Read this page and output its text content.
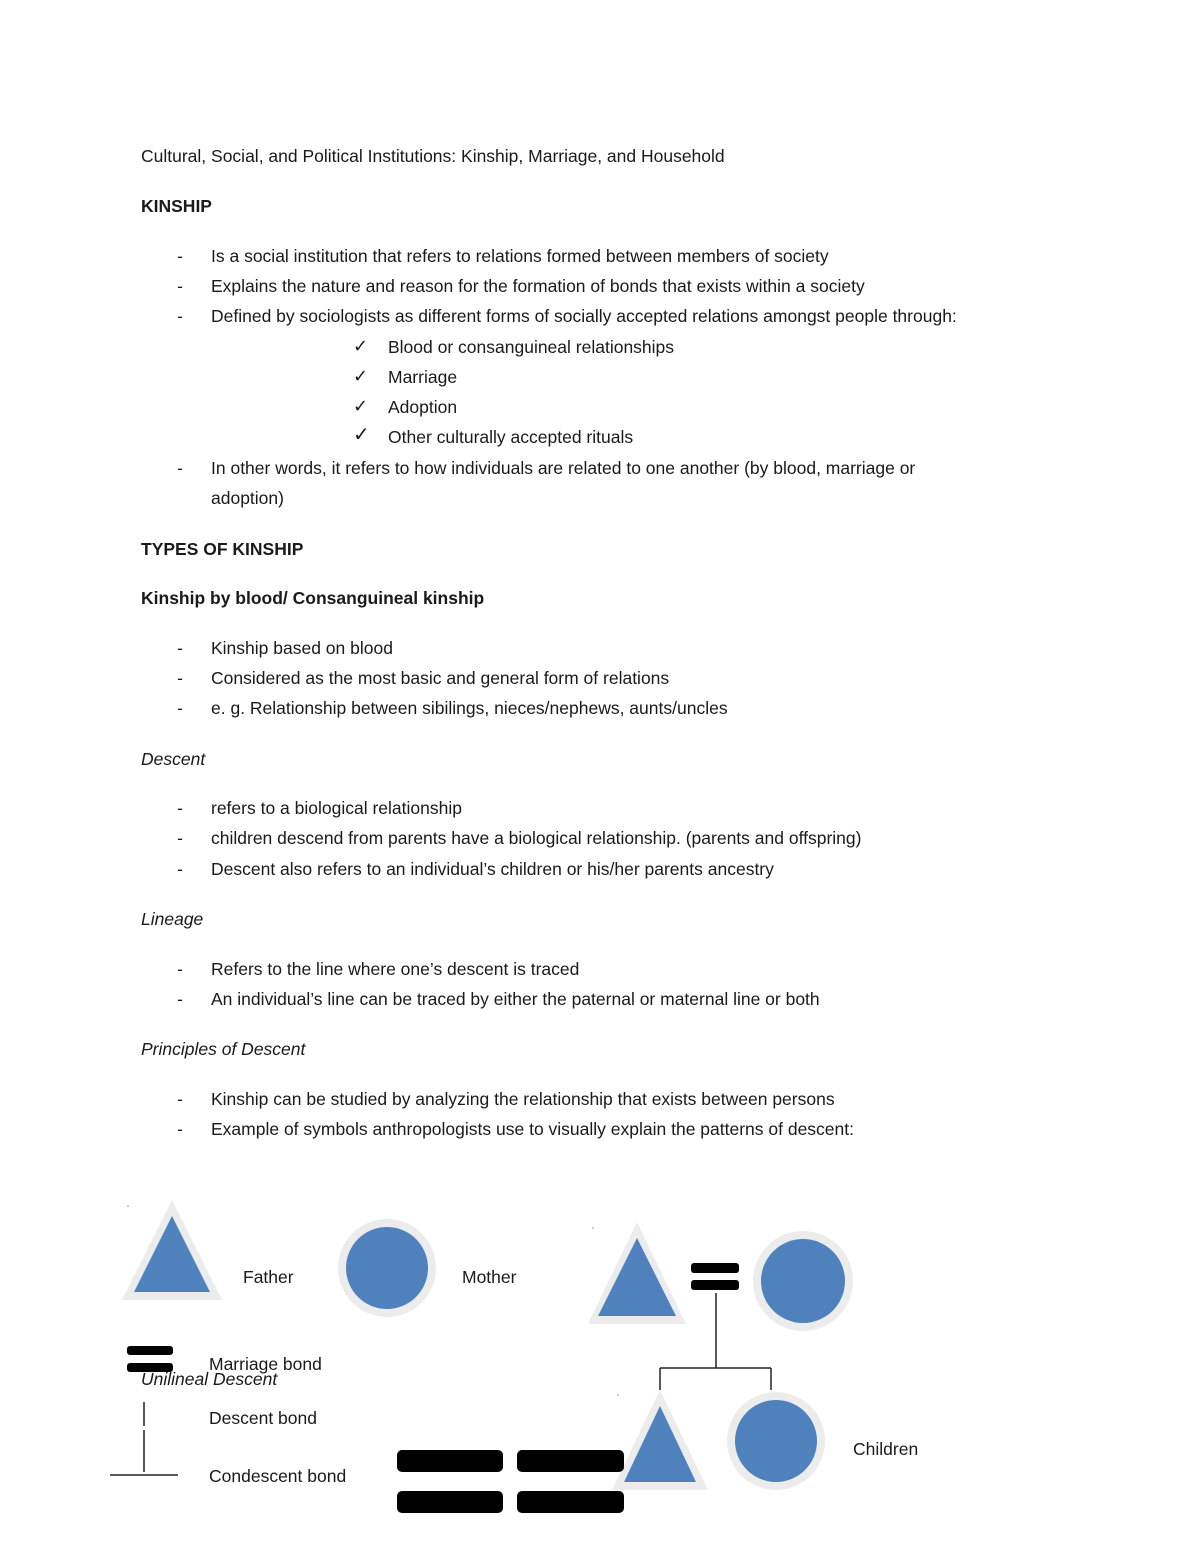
Cultural, Social, and Political Institutions: Kinship, Marriage, and Household
KINSHIP
- Is a social institution that refers to relations formed between members of society
- Explains the nature and reason for the formation of bonds that exists within a society
- Defined by sociologists as different forms of socially accepted relations amongst people through:
✓ Blood or consanguineal relationships
✓ Marriage
✓ Adoption
✓ Other culturally accepted rituals
- In other words, it refers to how individuals are related to one another (by blood, marriage or
adoption)
TYPES OF KINSHIP
Kinship by blood/ Consanguineal kinship
- Kinship based on blood
- Considered as the most basic and general form of relations
- e. g. Relationship between sibilings, nieces/nephews, aunts/uncles
Descent
- refers to a biological relationship
- children descend from parents have a biological relationship. (parents and offspring)
- Descent also refers to an individual’s children or his/her parents ancestry
Lineage
- Refers to the line where one’s descent is traced
- An individual’s line can be traced by either the paternal or maternal line or both
Principles of Descent
- Kinship can be studied by analyzing the relationship that exists between persons
- Example of symbols anthropologists use to visually explain the patterns of descent:
Father	Mother
Unilineal Descent
Marriage bond
Descent bond
Condescent bond
Children
